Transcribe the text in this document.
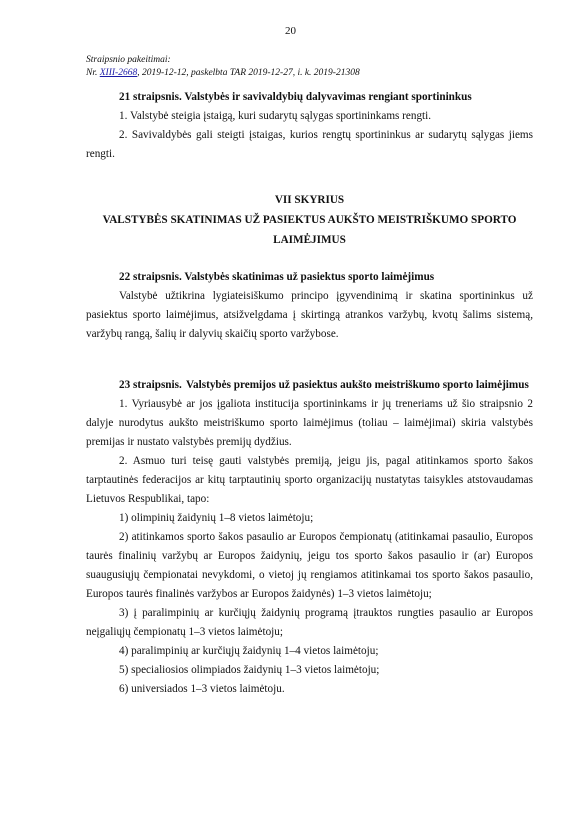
20
Straipsnio pakeitimai:
Nr. XIII-2668, 2019-12-12, paskelbta TAR 2019-12-27, i. k. 2019-21308

21 straipsnis. Valstybės ir savivaldybių dalyvavimas rengiant sportininkus

1. Valstybė steigia įstaigą, kuri sudarytų sąlygas sportininkams rengti.

2. Savivaldybės gali steigti įstaigas, kurios rengtų sportininkus ar sudarytų sąlygas jiems rengti.

VII SKYRIUS
VALSTYBĖS SKATINIMAS UŽ PASIEKTUS AUKŠTO MEISTRIŠKUMO SPORTO
LAIMĖJIMUS

22 straipsnis. Valstybės skatinimas už pasiektus sporto laimėjimus

Valstybė užtikrina lygiateisiškumo principo įgyvendinimą ir skatina sportininkus už pasiektus sporto laimėjimus, atsižvelgdama į skirtingą atrankos varžybų, kvotų šalims sistemą, varžybų rangą, šalių ir dalyvių skaičių sporto varžybose.

23 straipsnis. Valstybės premijos už pasiektus aukšto meistriškumo sporto laimėjimus

1. Vyriausybė ar jos įgaliota institucija sportininkams ir jų treneriams už šio straipsnio 2 dalyje nurodytus aukšto meistriškumo sporto laimėjimus (toliau – laimėjimai) skiria valstybės premijas ir nustato valstybės premijų dydžius.

2. Asmuo turi teisę gauti valstybės premiją, jeigu jis, pagal atitinkamos sporto šakos tarptautinės federacijos ar kitų tarptautinių sporto organizacijų nustatytas taisykles atstovaudamas Lietuvos Respublikai, tapo:

1) olimpinių žaidynių 1–8 vietos laimėtoju;

2) atitinkamos sporto šakos pasaulio ar Europos čempionatų (atitinkamai pasaulio, Europos taurės finalinių varžybų ar Europos žaidynių, jeigu tos sporto šakos pasaulio ir (ar) Europos suaugusiųjų čempionatai nevykdomi, o vietoj jų rengiamos atitinkamai tos sporto šakos pasaulio, Europos taurės finalinės varžybos ar Europos žaidynės) 1–3 vietos laimėtoju;

3) į paralimpinių ar kurčiųjų žaidynių programą įtrauktos rungties pasaulio ar Europos neįgaliųjų čempionatų 1–3 vietos laimėtoju;

4) paralimpinių ar kurčiųjų žaidynių 1–4 vietos laimėtoju;

5) specialiosios olimpiados žaidynių 1–3 vietos laimėtoju;

6) universiados 1–3 vietos laimėtoju.
